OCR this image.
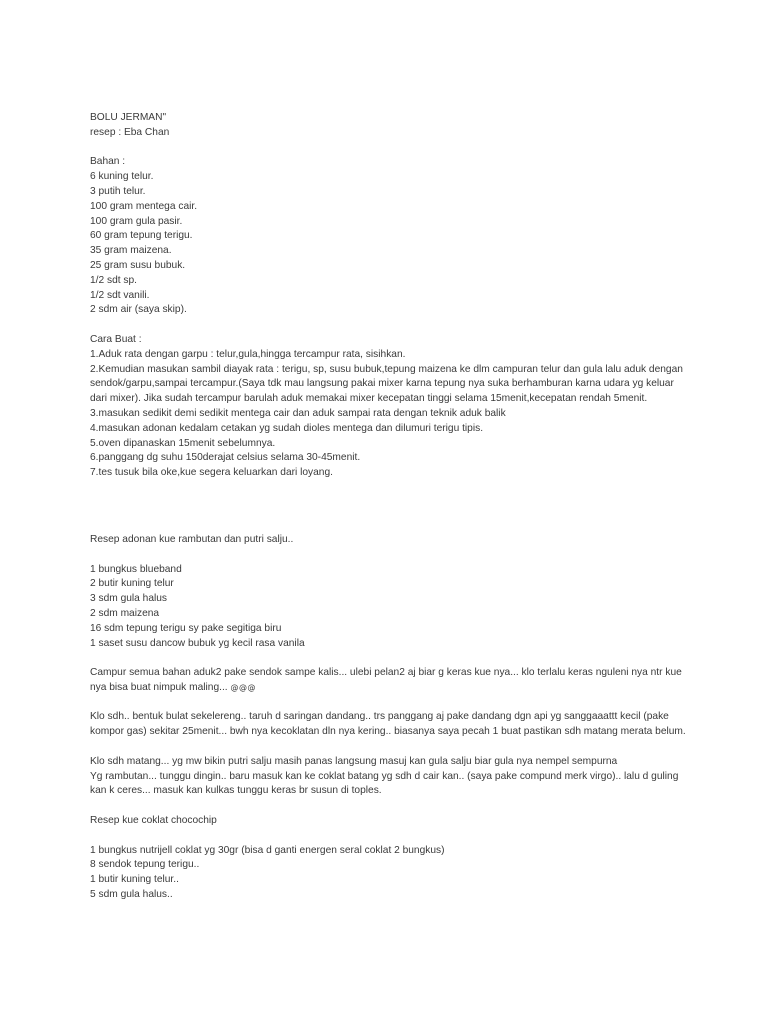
BOLU JERMAN"
resep : Eba Chan
Bahan :
6 kuning telur.
3 putih telur.
100 gram mentega cair.
100 gram gula pasir.
60 gram tepung terigu.
35 gram maizena.
25 gram susu bubuk.
1/2 sdt sp.
1/2 sdt vanili.
2 sdm air (saya skip).
Cara Buat :
1.Aduk rata dengan garpu : telur,gula,hingga tercampur rata, sisihkan.
2.Kemudian masukan sambil diayak rata : terigu, sp, susu bubuk,tepung maizena ke dlm campuran telur dan gula lalu aduk dengan
sendok/garpu,sampai tercampur.(Saya tdk mau langsung pakai mixer karna tepung nya suka berhamburan karna udara yg keluar
dari mixer). Jika sudah tercampur barulah aduk memakai mixer kecepatan tinggi selama 15menit,kecepatan rendah 5menit.
3.masukan sedikit demi sedikit mentega cair dan aduk sampai rata dengan teknik aduk balik
4.masukan adonan kedalam cetakan yg sudah dioles mentega dan dilumuri terigu tipis.
5.oven dipanaskan 15menit sebelumnya.
6.panggang dg suhu 150derajat celsius selama 30-45menit.
7.tes tusuk bila oke,kue segera keluarkan dari loyang.
Resep adonan kue rambutan dan putri salju..
1 bungkus blueband
2 butir kuning telur
3 sdm gula halus
2 sdm maizena
16 sdm tepung terigu sy pake segitiga biru
1 saset susu dancow bubuk yg kecil rasa vanila
Campur semua bahan aduk2 pake sendok sampe kalis... ulebi pelan2 aj biar g keras kue nya... klo terlalu keras nguleni nya ntr kue
nya bisa buat nimpuk maling... @@@
Klo sdh.. bentuk bulat sekelereng.. taruh d saringan dandang.. trs panggang aj pake dandang dgn api yg sanggaaattt kecil (pake
kompor gas) sekitar 25menit... bwh nya kecoklatan dln nya kering.. biasanya saya pecah 1 buat pastikan sdh matang merata belum.
Klo sdh matang... yg mw bikin putri salju masih panas langsung masuj kan gula salju biar gula nya nempel sempurna
Yg rambutan... tunggu dingin.. baru masuk kan ke coklat batang yg sdh d cair kan.. (saya pake compund merk virgo).. lalu d guling
kan k ceres... masuk kan kulkas tunggu keras br susun di toples.
Resep kue coklat chocochip
1 bungkus nutrijell coklat yg 30gr (bisa d ganti energen seral coklat 2 bungkus)
8 sendok tepung terigu..
1 butir kuning telur..
5 sdm gula halus..
